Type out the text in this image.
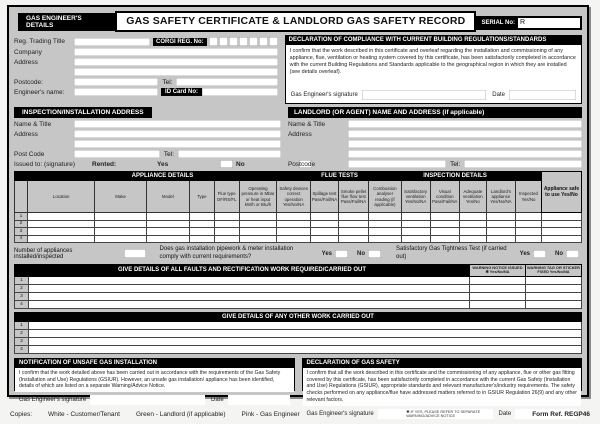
GAS ENGINEER'S DETAILS	GAS SAFETY CERTIFICATE & LANDLORD GAS SAFETY RECORD	SERIAL No: R
Reg. Trading Title	CORGI REG. No:
Company
Address
Postcode:	Tel:
Engineer's name:	ID Card No:
DECLARATION OF COMPLIANCE WITH CURRENT BUILDING REGULATIONS/STANDARDS
I confirm that the work described in this certificate and overleaf regarding the installation and commissioning of any appliance, flue, ventilation or heating system covered by this certificate, has been satisfactorily completed in accordance with the current Building Regulations and Standards applicable to the geographical region in which they are installed (see details overleaf).
Gas Engineer's signature	Date
INSPECTION/INSTALLATION ADDRESS
Name & Title
Address
Post Code	Tel:
Issued to: (signature)	Rented:	Yes	No
LANDLORD (OR AGENT) NAME AND ADDRESS (if applicable)
Name & Title
Address
Postcode	Tel:
APPLIANCE DETAILS								FLUE TESTS		INSPECTION DETAILS						Appliance safe to use Yes/No
	Location	Make	Model	Type	Flue type OF/RS/FL	Operating pressure in Mbar or heat input kW/h or Btu/h	Safety devices correct operation Yes/No/NA	Spillage test Pass/Fail/NA	Smoke pellet flue flow test Pass/Fail/NA	Combustion analyser reading (if applicable)	Satisfactory ventilation Yes/No/NA	Visual condition Pass/Fail/NA	Adequate ventilation Yes/No	Landlord's appliance Yes/No/NA	Inspected Yes/No	
1																
2																
3																
4																
Number of appliances installed/inspected
Does gas installation pipework & meter installation comply with current requirements?	Yes	No
Satisfactory Gas Tightness Test (if carried out)	Yes	No
GIVE DETAILS OF ALL FAULTS AND RECTIFICATION WORK REQUIRED/CARRIED OUT		WARNING NOTICE ISSUED ✱ Yes/No/NA	WARNING TAG OR STICKER FIXED Yes/No/NA
1			
2			
3			
4			
GIVE DETAILS OF ANY OTHER WORK CARRIED OUT	
1	
2	
3	
4	
NOTIFICATION OF UNSAFE GAS INSTALLATION
I confirm that the work detailed above has been carried out in accordance with the requirements of the Gas Safety (Installation and Use) Regulations (GSIUR). However, an unsafe gas installation/ appliance has been identified, details of which are listed on a separate Warning/Advice Notice.
Gas Engineer's signature	Date
DECLARATION OF GAS SAFETY
I confirm that all the work described in this certificate and the commissioning of any appliance, flue or other gas fitting covered by this certificate, has been satisfactorily completed in accordance with the current Gas Safety (Installation and Use) Regulations (GSIUR), appropriate standards and relevant manufacturer's/industry requirements. The safety checks performed on any appliance/flue have addressed matters referred to in GSIUR Regulation 26(9) and any other relevant factors.
Gas Engineer's signature	Date
Copies: White - Customer/Tenant Green - Landlord (if applicable) Pink - Gas Engineer	✱ IF YES, PLEASE REFER TO SEPARATE WARNING/ADVICE NOTICE	Form Ref. REGP46
